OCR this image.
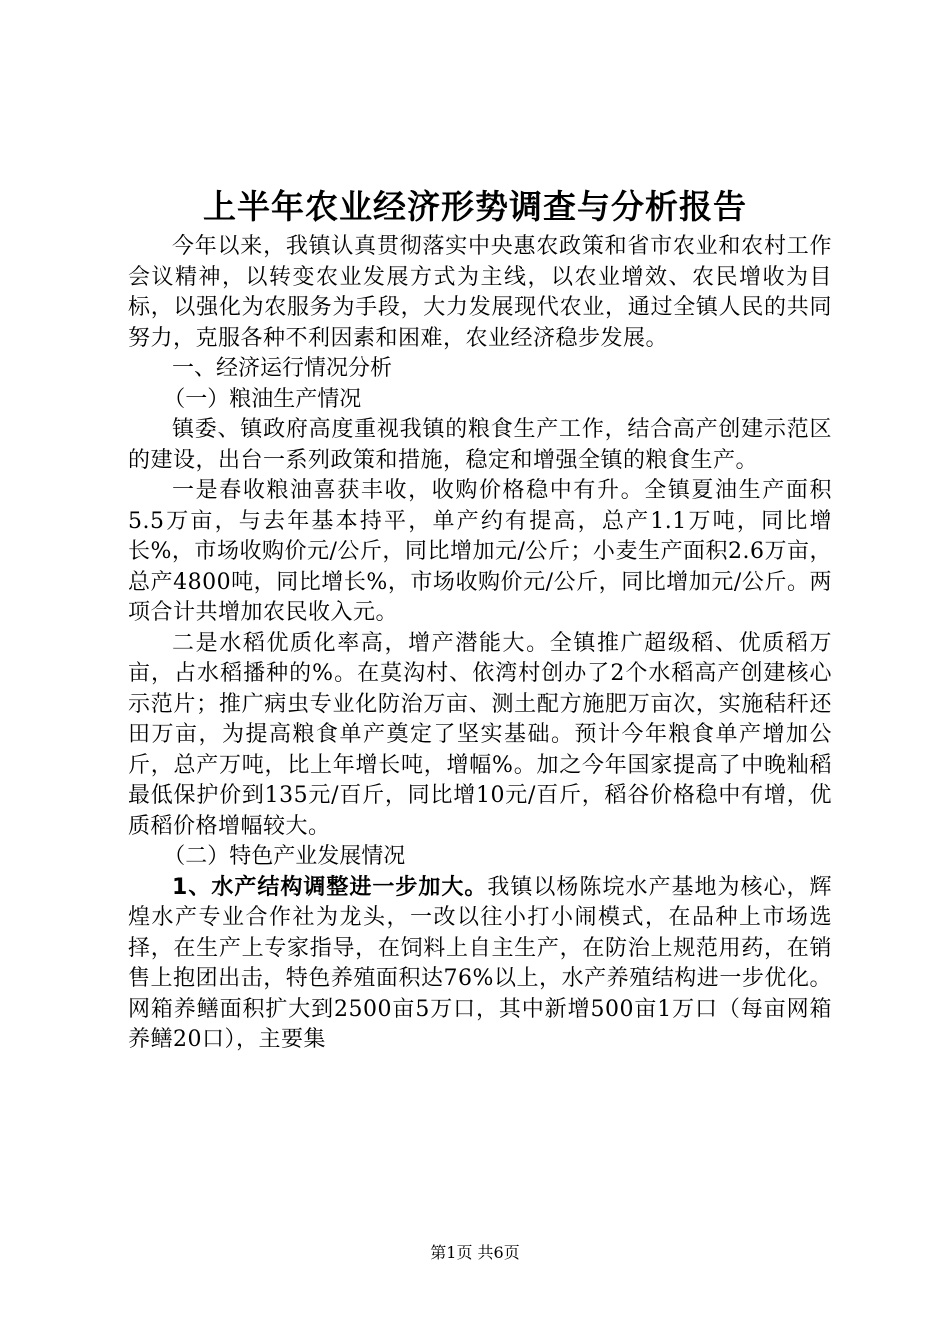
上半年农业经济形势调查与分析报告

今年以来，我镇认真贯彻落实中央惠农政策和省市农业和农村工作会议精神，以转变农业发展方式为主线，以农业增效、农民增收为目标，以强化为农服务为手段，大力发展现代农业，通过全镇人民的共同努力，克服各种不利因素和困难，农业经济稳步发展。

一、经济运行情况分析

（一）粮油生产情况

镇委、镇政府高度重视我镇的粮食生产工作，结合高产创建示范区的建设，出台一系列政策和措施，稳定和增强全镇的粮食生产。

一是春收粮油喜获丰收，收购价格稳中有升。全镇夏油生产面积5.5万亩，与去年基本持平，单产约有提高，总产1.1万吨，同比增长%，市场收购价元/公斤，同比增加元/公斤；小麦生产面积2.6万亩，总产4800吨，同比增长%，市场收购价元/公斤，同比增加元/公斤。两项合计共增加农民收入元。

二是水稻优质化率高，增产潜能大。全镇推广超级稻、优质稻万亩，占水稻播种的%。在莫沟村、依湾村创办了2个水稻高产创建核心示范片；推广病虫专业化防治万亩、测土配方施肥万亩次，实施秸秆还田万亩，为提高粮食单产奠定了坚实基础。预计今年粮食单产增加公斤，总产万吨，比上年增长吨，增幅%。加之今年国家提高了中晚籼稻最低保护价到135元/百斤，同比增10元/百斤，稻谷价格稳中有增，优质稻价格增幅较大。

（二）特色产业发展情况

1、水产结构调整进一步加大。我镇以杨陈垸水产基地为核心，辉煌水产专业合作社为龙头，一改以往小打小闹模式，在品种上市场选择，在生产上专家指导，在饲料上自主生产，在防治上规范用药，在销售上抱团出击，特色养殖面积达76%以上，水产养殖结构进一步优化。网箱养鳝面积扩大到2500亩5万口，其中新增500亩1万口（每亩网箱养鳝20口），主要集

第1页 共6页
